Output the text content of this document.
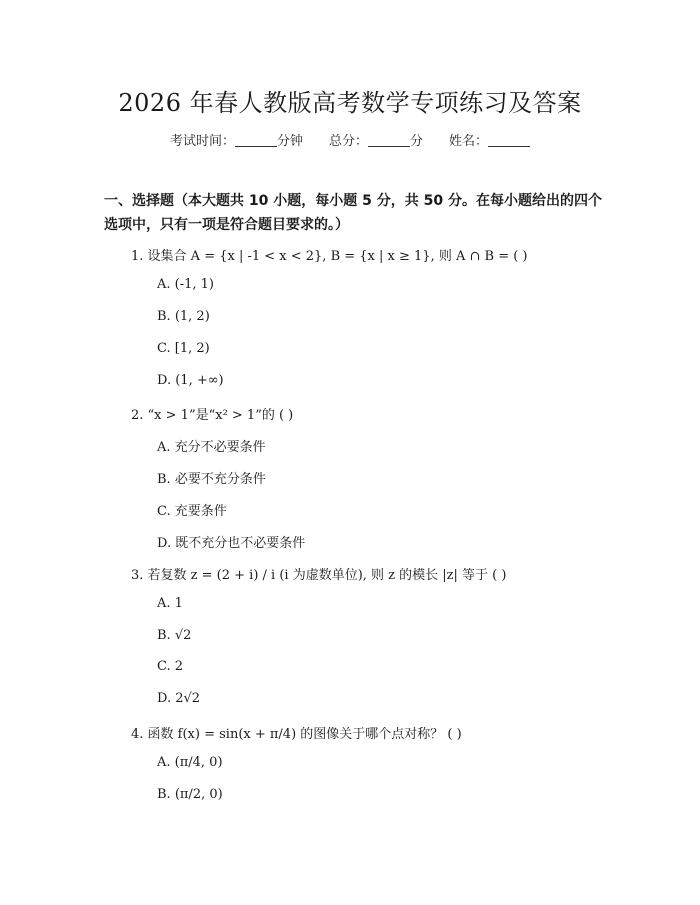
2026 年春人教版高考数学专项练习及答案
考试时间：	分钟 总分：	分 姓名：
一、选择题（本大题共 10 小题，每小题 5 分，共 50 分。在每小题给出的四个选项中，只有一项是符合题目要求的。）
1. 设集合 A = {x | -1 < x < 2}, B = {x | x ≥ 1}, 则 A ∩ B = ( )
A. (-1, 1)
B. (1, 2)
C. [1, 2)
D. (1, +∞)
2. “x > 1”是“x² > 1”的 ( )
A. 充分不必要条件
B. 必要不充分条件
C. 充要条件
D. 既不充分也不必要条件
3. 若复数 z = (2 + i) / i (i 为虚数单位), 则 z 的模长 |z| 等于 ( )
A. 1
B. √2
C. 2
D. 2√2
4. 函数 f(x) = sin(x + π/4) 的图像关于哪个点对称？ ( )
A. (π/4, 0)
B. (π/2, 0)
